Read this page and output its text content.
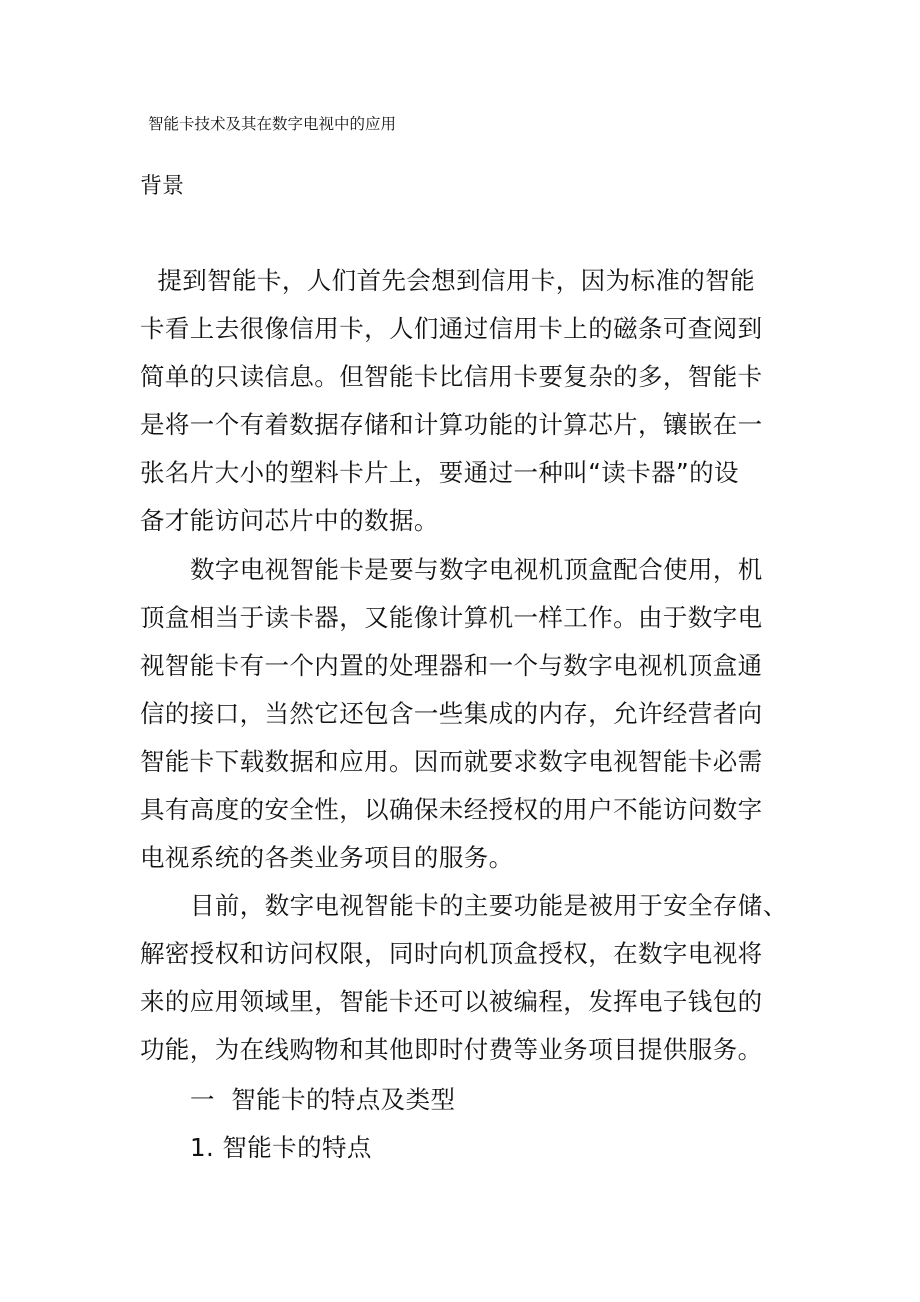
智能卡技术及其在数字电视中的应用
背景
提到智能卡，人们首先会想到信用卡，因为标准的智能
卡看上去很像信用卡，人们通过信用卡上的磁条可查阅到
简单的只读信息。但智能卡比信用卡要复杂的多，智能卡
是将一个有着数据存储和计算功能的计算芯片，镶嵌在一
张名片大小的塑料卡片上，要通过一种叫“读卡器”的设
备才能访问芯片中的数据。
数字电视智能卡是要与数字电视机顶盒配合使用，机
顶盒相当于读卡器，又能像计算机一样工作。由于数字电
视智能卡有一个内置的处理器和一个与数字电视机顶盒通
信的接口，当然它还包含一些集成的内存，允许经营者向
智能卡下载数据和应用。因而就要求数字电视智能卡必需
具有高度的安全性，以确保未经授权的用户不能访问数字
电视系统的各类业务项目的服务。
目前，数字电视智能卡的主要功能是被用于安全存储、
解密授权和访问权限，同时向机顶盒授权，在数字电视将
来的应用领域里，智能卡还可以被编程，发挥电子钱包的
功能，为在线购物和其他即时付费等业务项目提供服务。
一  智能卡的特点及类型
1. 智能卡的特点
